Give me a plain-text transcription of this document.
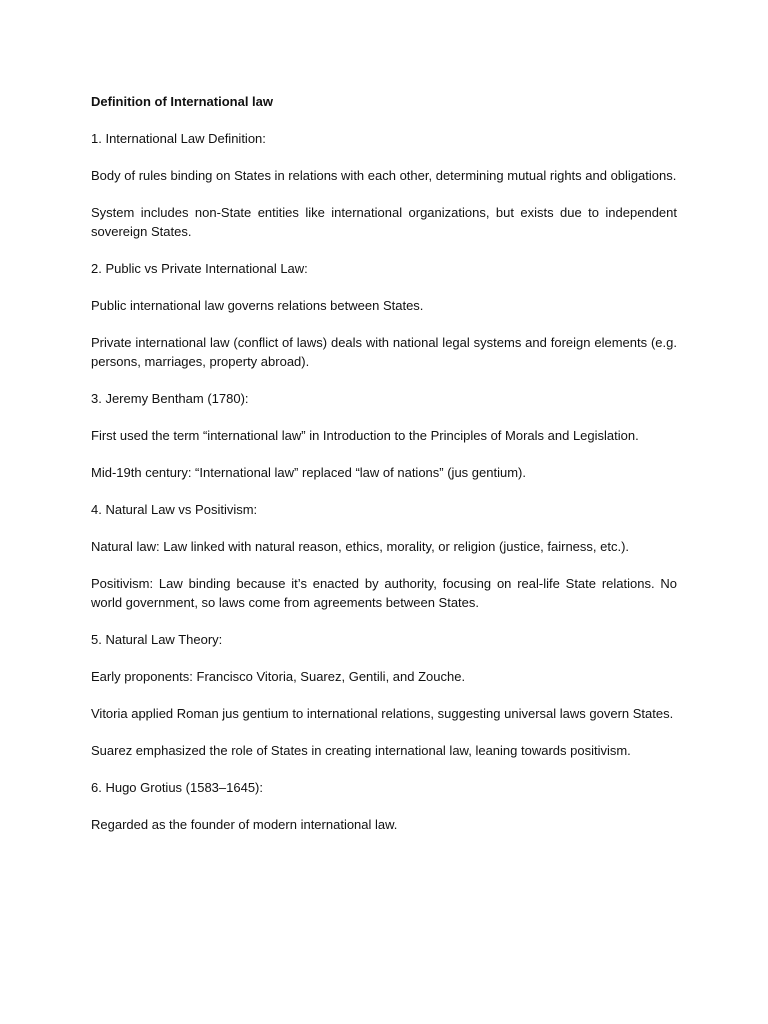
Definition of International law
1. International Law Definition:
Body of rules binding on States in relations with each other, determining mutual rights and obligations.
System includes non-State entities like international organizations, but exists due to independent sovereign States.
2. Public vs Private International Law:
Public international law governs relations between States.
Private international law (conflict of laws) deals with national legal systems and foreign elements (e.g. persons, marriages, property abroad).
3. Jeremy Bentham (1780):
First used the term “international law” in Introduction to the Principles of Morals and Legislation.
Mid-19th century: “International law” replaced “law of nations” (jus gentium).
4. Natural Law vs Positivism:
Natural law: Law linked with natural reason, ethics, morality, or religion (justice, fairness, etc.).
Positivism: Law binding because it’s enacted by authority, focusing on real-life State relations. No world government, so laws come from agreements between States.
5. Natural Law Theory:
Early proponents: Francisco Vitoria, Suarez, Gentili, and Zouche.
Vitoria applied Roman jus gentium to international relations, suggesting universal laws govern States.
Suarez emphasized the role of States in creating international law, leaning towards positivism.
6. Hugo Grotius (1583–1645):
Regarded as the founder of modern international law.
